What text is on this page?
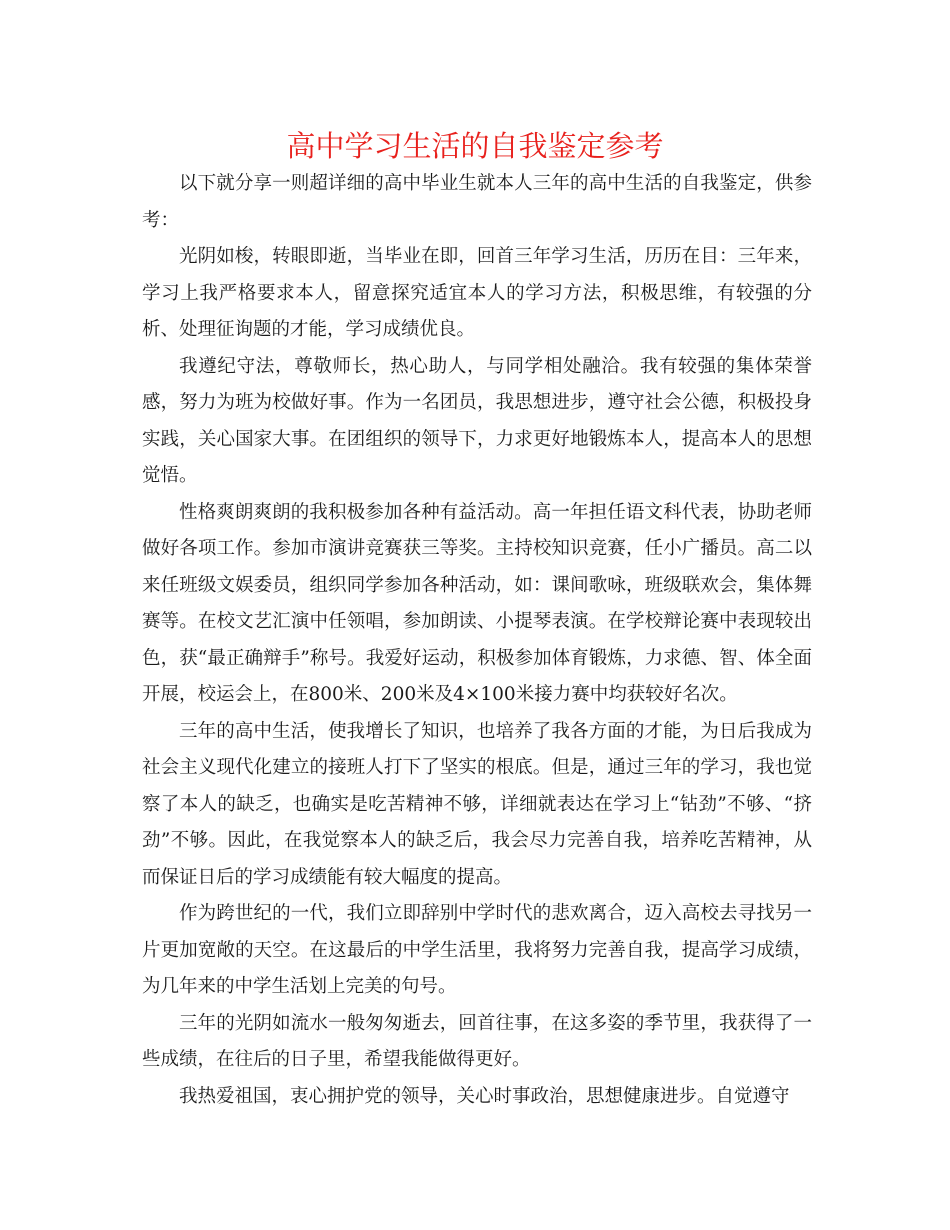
高中学习生活的自我鉴定参考

以下就分享一则超详细的高中毕业生就本人三年的高中生活的自我鉴定，供参考：

光阴如梭，转眼即逝，当毕业在即，回首三年学习生活，历历在目：三年来，学习上我严格要求本人，留意探究适宜本人的学习方法，积极思维，有较强的分析、处理征询题的才能，学习成绩优良。

我遵纪守法，尊敬师长，热心助人，与同学相处融洽。我有较强的集体荣誉感，努力为班为校做好事。作为一名团员，我思想进步，遵守社会公德，积极投身实践，关心国家大事。在团组织的领导下，力求更好地锻炼本人，提高本人的思想觉悟。

性格爽朗爽朗的我积极参加各种有益活动。高一年担任语文科代表，协助老师做好各项工作。参加市演讲竞赛获三等奖。主持校知识竞赛，任小广播员。高二以来任班级文娱委员，组织同学参加各种活动，如：课间歌咏，班级联欢会，集体舞赛等。在校文艺汇演中任领唱，参加朗读、小提琴表演。在学校辩论赛中表现较出色，获“最正确辩手”称号。我爱好运动，积极参加体育锻炼，力求德、智、体全面开展，校运会上，在800米、200米及4×100米接力赛中均获较好名次。

三年的高中生活，使我增长了知识，也培养了我各方面的才能，为日后我成为社会主义现代化建立的接班人打下了坚实的根底。但是，通过三年的学习，我也觉察了本人的缺乏，也确实是吃苦精神不够，详细就表达在学习上“钻劲”不够、“挤劲”不够。因此，在我觉察本人的缺乏后，我会尽力完善自我，培养吃苦精神，从而保证日后的学习成绩能有较大幅度的提高。

作为跨世纪的一代，我们立即辞别中学时代的悲欢离合，迈入高校去寻找另一片更加宽敞的天空。在这最后的中学生活里，我将努力完善自我，提高学习成绩，为几年来的中学生活划上完美的句号。

三年的光阴如流水一般匆匆逝去，回首往事，在这多姿的季节里，我获得了一些成绩，在往后的日子里，希望我能做得更好。

我热爱祖国，衷心拥护党的领导，关心时事政治，思想健康进步。自觉遵守
